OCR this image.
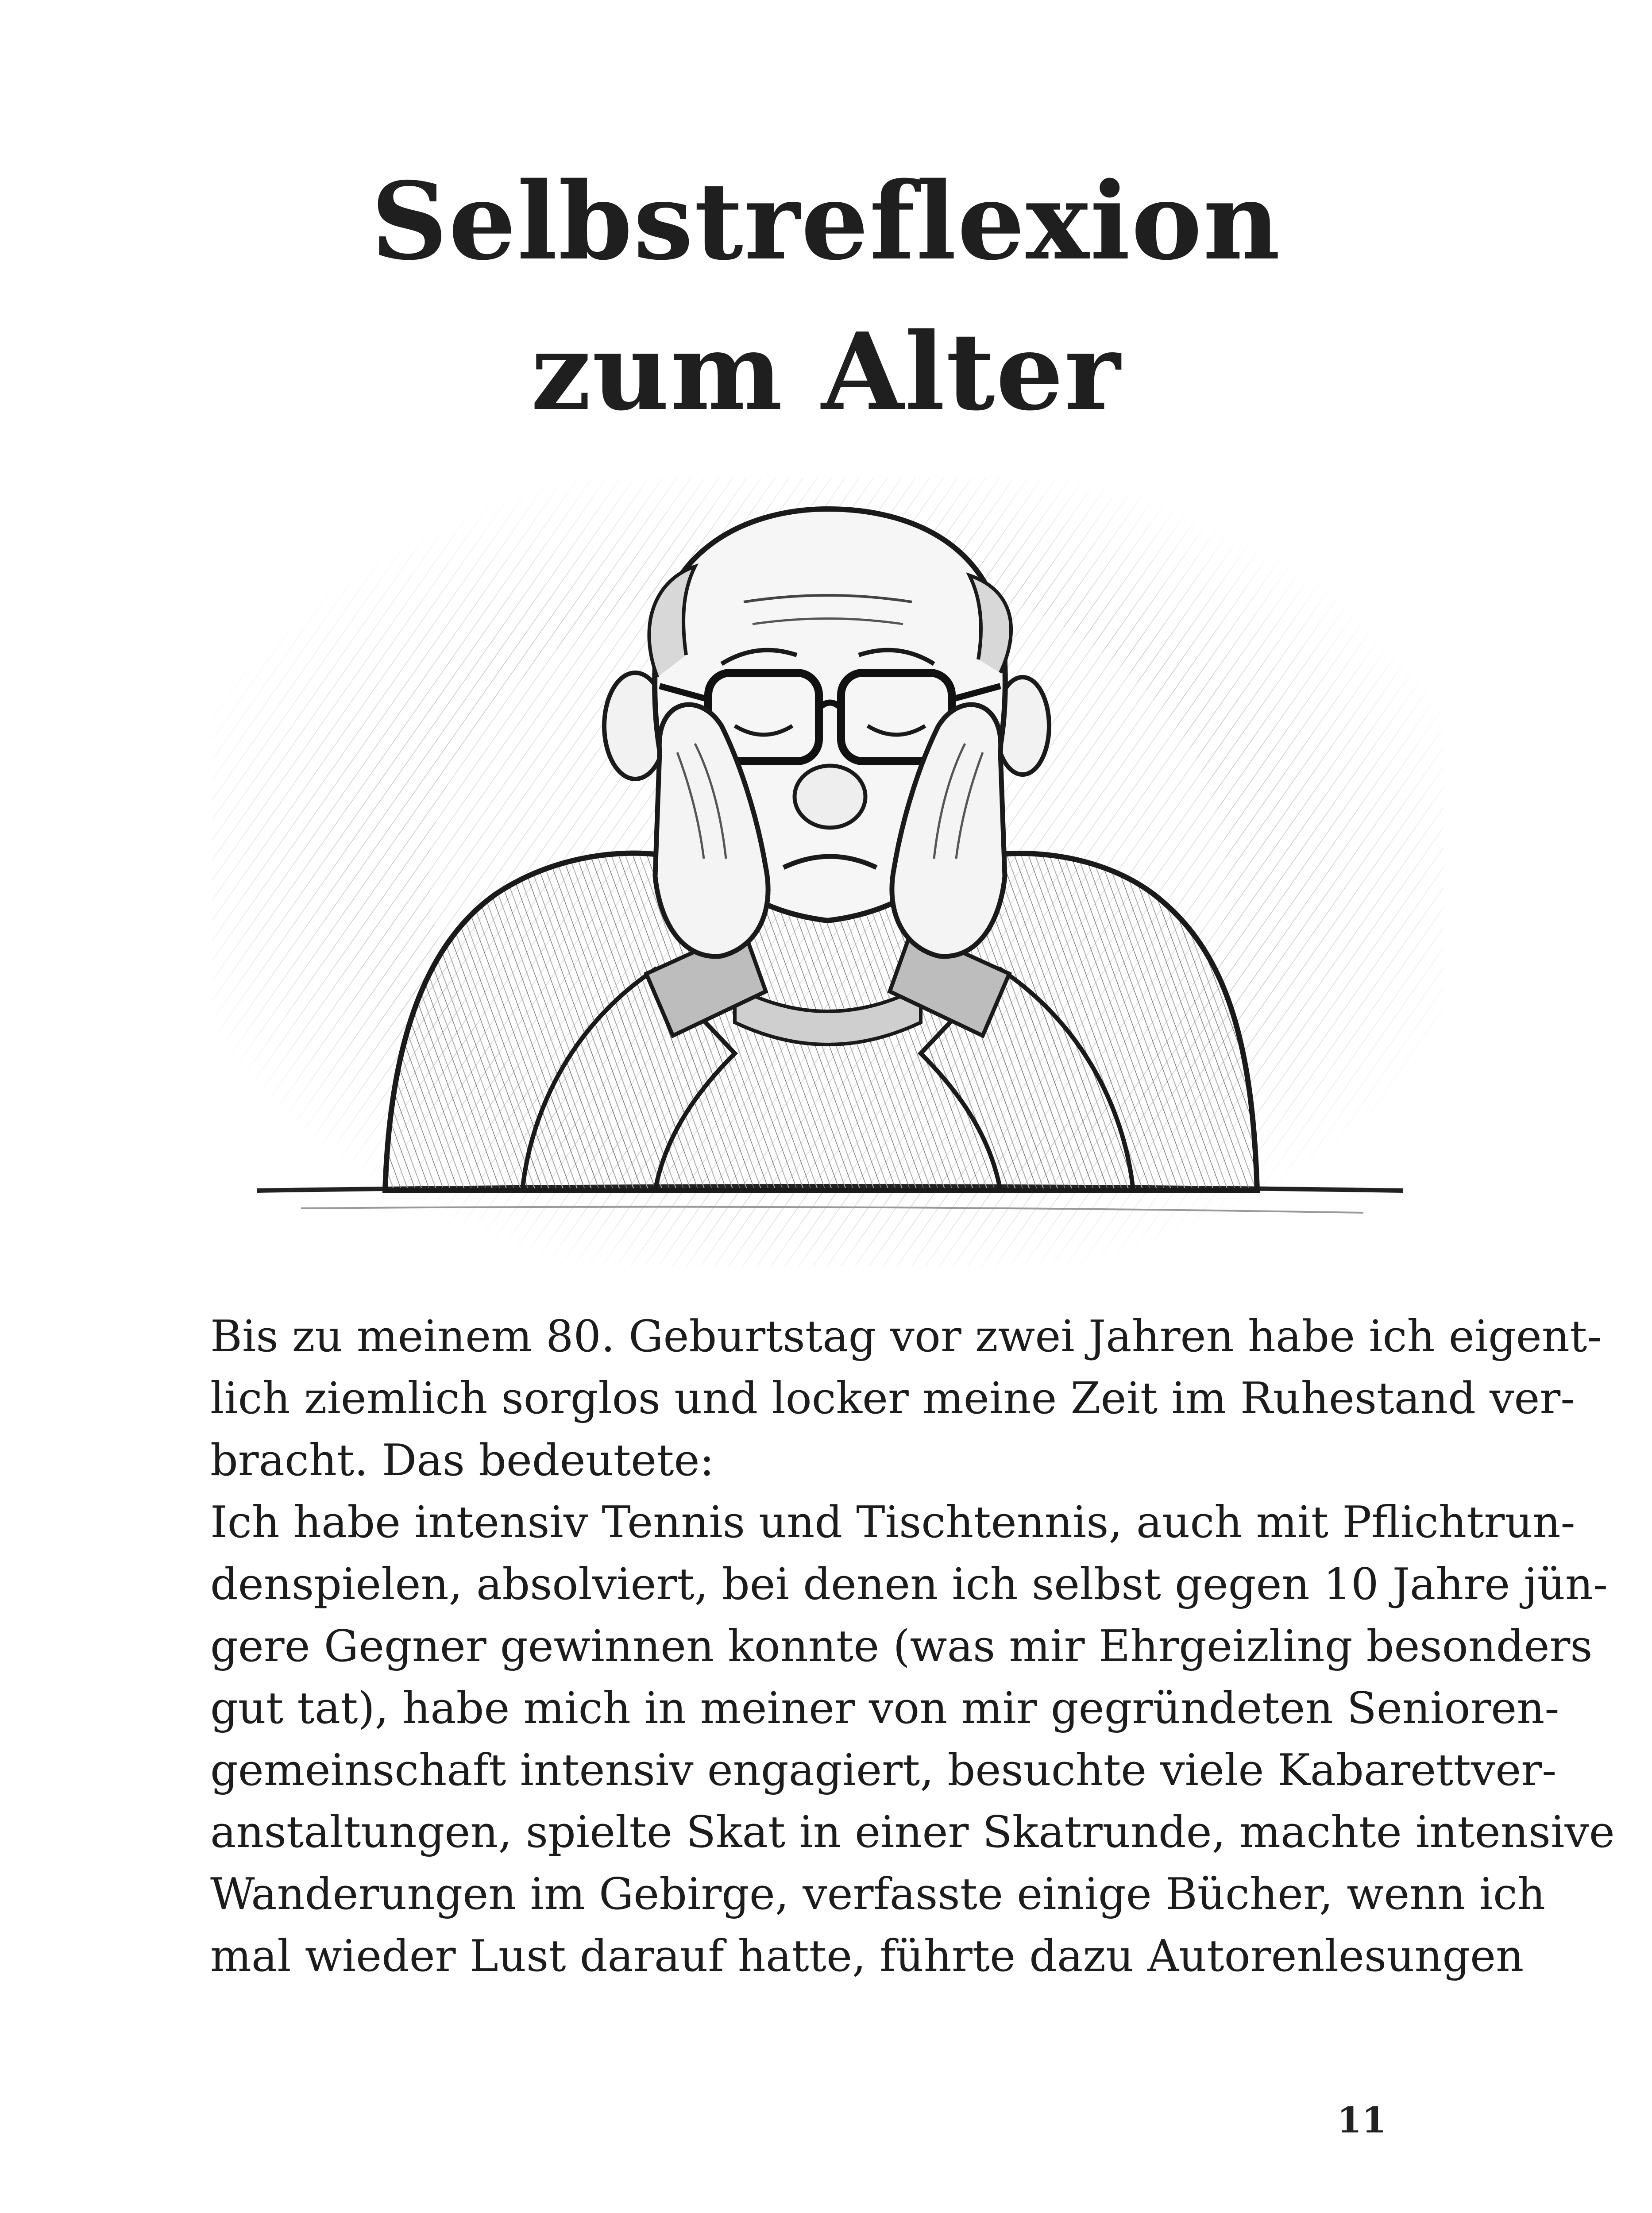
Selbstreflexion
zum Alter
Bis zu meinem 80. Geburtstag vor zwei Jahren habe ich eigent-
lich ziemlich sorglos und locker meine Zeit im Ruhestand ver-
bracht. Das bedeutete:
Ich habe intensiv Tennis und Tischtennis, auch mit Pflichtrun-
denspielen, absolviert, bei denen ich selbst gegen 10 Jahre jün-
gere Gegner gewinnen konnte (was mir Ehrgeizling besonders
gut tat), habe mich in meiner von mir gegründeten Senioren-
gemeinschaft intensiv engagiert, besuchte viele Kabarettver-
anstaltungen, spielte Skat in einer Skatrunde, machte intensive
Wanderungen im Gebirge, verfasste einige Bücher, wenn ich
mal wieder Lust darauf hatte, führte dazu Autorenlesungen
11
